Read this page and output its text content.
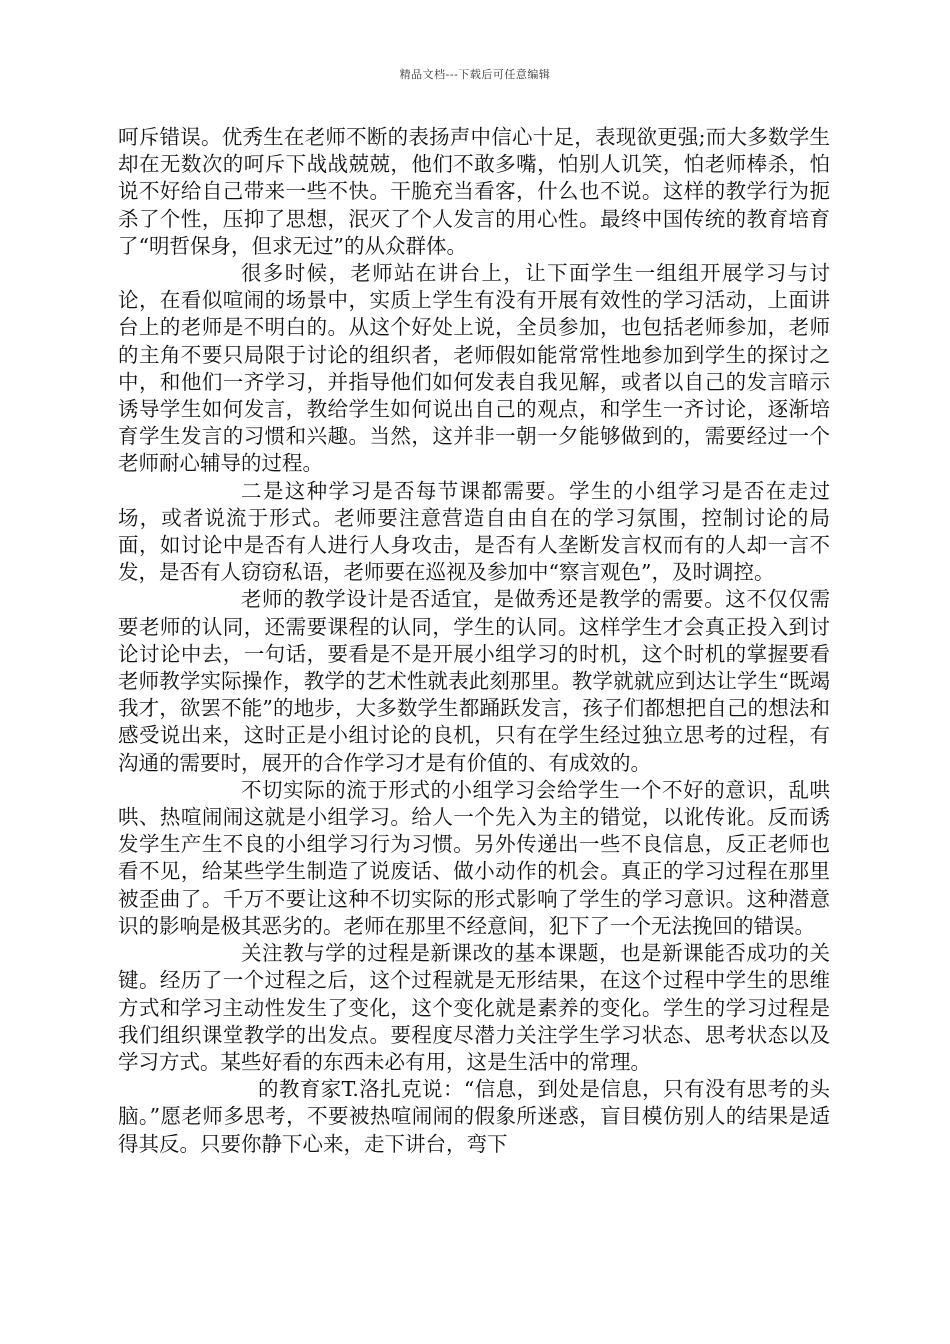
精品文档---下载后可任意编辑

呵斥错误。优秀生在老师不断的表扬声中信心十足，表现欲更强;而大多数学生却在无数次的呵斥下战战兢兢，他们不敢多嘴，怕别人讥笑，怕老师棒杀，怕说不好给自己带来一些不快。干脆充当看客，什么也不说。这样的教学行为扼杀了个性，压抑了思想，泯灭了个人发言的用心性。最终中国传统的教育培育了“明哲保身，但求无过”的从众群体。

很多时候，老师站在讲台上，让下面学生一组组开展学习与讨论，在看似喧闹的场景中，实质上学生有没有开展有效性的学习活动，上面讲台上的老师是不明白的。从这个好处上说，全员参加，也包括老师参加，老师的主角不要只局限于讨论的组织者，老师假如能常常性地参加到学生的探讨之中，和他们一齐学习，并指导他们如何发表自我见解，或者以自己的发言暗示诱导学生如何发言，教给学生如何说出自己的观点，和学生一齐讨论，逐渐培育学生发言的习惯和兴趣。当然，这并非一朝一夕能够做到的，需要经过一个老师耐心辅导的过程。

二是这种学习是否每节课都需要。学生的小组学习是否在走过场，或者说流于形式。老师要注意营造自由自在的学习氛围，控制讨论的局面，如讨论中是否有人进行人身攻击，是否有人垄断发言权而有的人却一言不发，是否有人窃窃私语，老师要在巡视及参加中“察言观色”，及时调控。

老师的教学设计是否适宜，是做秀还是教学的需要。这不仅仅需要老师的认同，还需要课程的认同，学生的认同。这样学生才会真正投入到讨论讨论中去，一句话，要看是不是开展小组学习的时机，这个时机的掌握要看老师教学实际操作，教学的艺术性就表此刻那里。教学就就应到达让学生“既竭我才，欲罢不能”的地步，大多数学生都踊跃发言，孩子们都想把自己的想法和感受说出来，这时正是小组讨论的良机，只有在学生经过独立思考的过程，有沟通的需要时，展开的合作学习才是有价值的、有成效的。

不切实际的流于形式的小组学习会给学生一个不好的意识，乱哄哄、热喧闹闹这就是小组学习。给人一个先入为主的错觉，以讹传讹。反而诱发学生产生不良的小组学习行为习惯。另外传递出一些不良信息，反正老师也看不见，给某些学生制造了说废话、做小动作的机会。真正的学习过程在那里被歪曲了。千万不要让这种不切实际的形式影响了学生的学习意识。这种潜意识的影响是极其恶劣的。老师在那里不经意间，犯下了一个无法挽回的错误。

关注教与学的过程是新课改的基本课题，也是新课能否成功的关键。经历了一个过程之后，这个过程就是无形结果，在这个过程中学生的思维方式和学习主动性发生了变化，这个变化就是素养的变化。学生的学习过程是我们组织课堂教学的出发点。要程度尽潜力关注学生学习状态、思考状态以及学习方式。某些好看的东西未必有用，这是生活中的常理。

的教育家T.洛扎克说：“信息，到处是信息，只有没有思考的头脑。”愿老师多思考，不要被热喧闹闹的假象所迷惑，盲目模仿别人的结果是适得其反。只要你静下心来，走下讲台，弯下
